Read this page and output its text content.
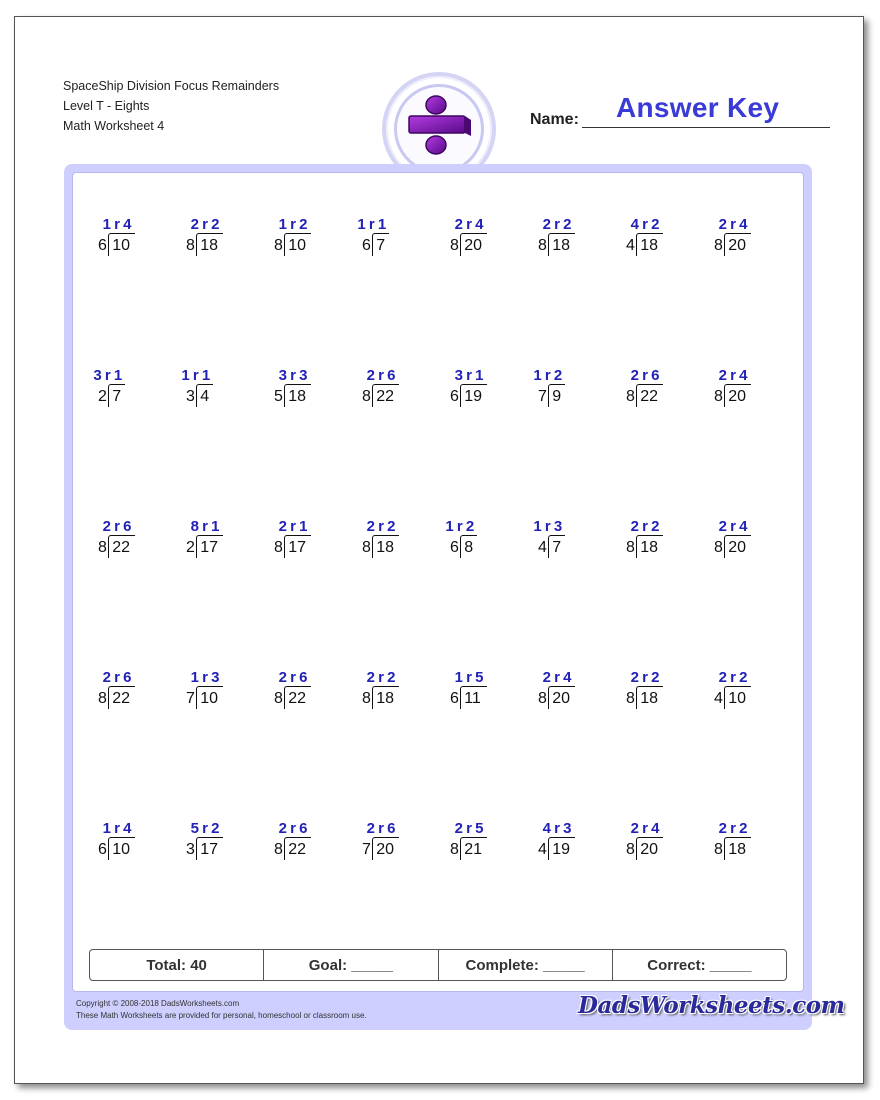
SpaceShip Division Focus Remainders
Level T - Eights
Math Worksheet 4	Name: Answer Key
1 r 4
6 10
2 r 2
8 18
1 r 2
8 10
1 r 1
6 7
2 r 4
8 20
2 r 2
8 18
4 r 2
4 18
2 r 4
8 20
3 r 1
2 7
1 r 1
3 4
3 r 3
5 18
2 r 6
8 22
3 r 1
6 19
1 r 2
7 9
2 r 6
8 22
2 r 4
8 20
2 r 6
8 22
8 r 1
2 17
2 r 1
8 17
2 r 2
8 18
1 r 2
6 8
1 r 3
4 7
2 r 2
8 18
2 r 4
8 20
2 r 6
8 22
1 r 3
7 10
2 r 6
8 22
2 r 2
8 18
1 r 5
6 11
2 r 4
8 20
2 r 2
8 18
2 r 2
4 10
1 r 4
6 10
5 r 2
3 17
2 r 6
8 22
2 r 6
7 20
2 r 5
8 21
4 r 3
4 19
2 r 4
8 20
2 r 2
8 18
Total: 40	Goal: _____	Complete: _____	Correct: _____
Copyright © 2008-2018 DadsWorksheets.com
These Math Worksheets are provided for personal, homeschool or classroom use.	DadsWorksheets.com
